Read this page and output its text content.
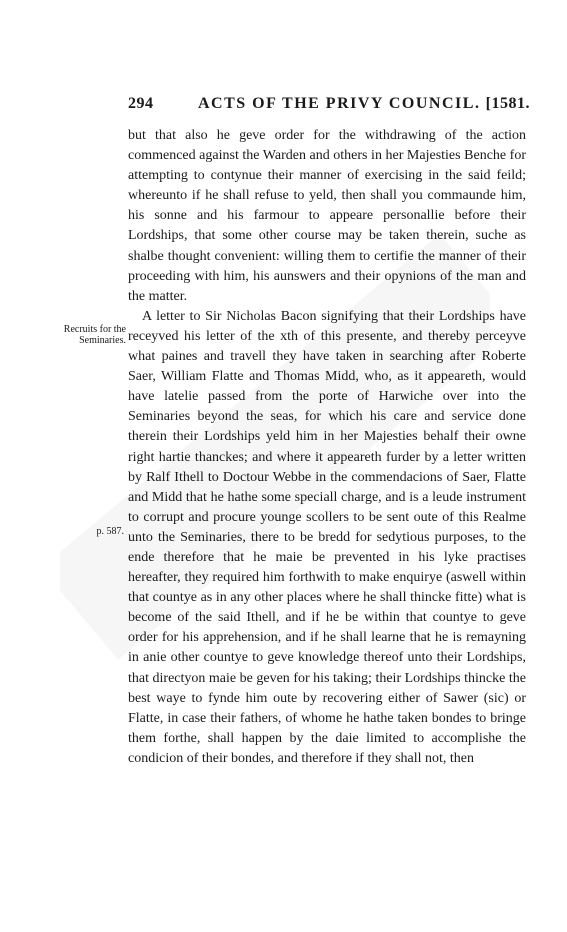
294	ACTS OF THE PRIVY COUNCIL. [1581.
Recruits for the Seminaries.
p. 587.

but that also he geve order for the withdrawing of the action commenced against the Warden and others in her Majesties Benche for attempting to contynue their manner of exercising in the said feild; whereunto if he shall refuse to yeld, then shall you commaunde him, his sonne and his farmour to appeare personallie before their Lordships, that some other course may be taken therein, suche as shalbe thought convenient: willing them to certifie the manner of their proceeding with him, his aunswers and their opynions of the man and the matter.

A letter to Sir Nicholas Bacon signifying that their Lordships have receyved his letter of the xth of this presente, and thereby perceyve what paines and travell they have taken in searching after Roberte Saer, William Flatte and Thomas Midd, who, as it appeareth, would have latelie passed from the porte of Harwiche over into the Seminaries beyond the seas, for which his care and service done therein their Lordships yeld him in her Majesties behalf their owne right hartie thanckes; and where it appeareth furder by a letter written by Ralf Ithell to Doctour Webbe in the commendacions of Saer, Flatte and Midd that he hathe some speciall charge, and is a leude instrument to corrupt and procure younge scollers to be sent oute of this Realme unto the Seminaries, there to be bredd for sedytious purposes, to the ende therefore that he maie be prevented in his lyke practises hereafter, they required him forthwith to make enquirye (aswell within that countye as in any other places where he shall thincke fitte) what is become of the said Ithell, and if he be within that countye to geve order for his apprehension, and if he shall learne that he is remayning in anie other countye to geve knowledge thereof unto their Lordships, that directyon maie be geven for his taking; their Lordships thincke the best waye to fynde him oute by recovering either of Sawer (sic) or Flatte, in case their fathers, of whome he hathe taken bondes to bringe them forthe, shall happen by the daie limited to accomplishe the condicion of their bondes, and therefore if they shall not, then
